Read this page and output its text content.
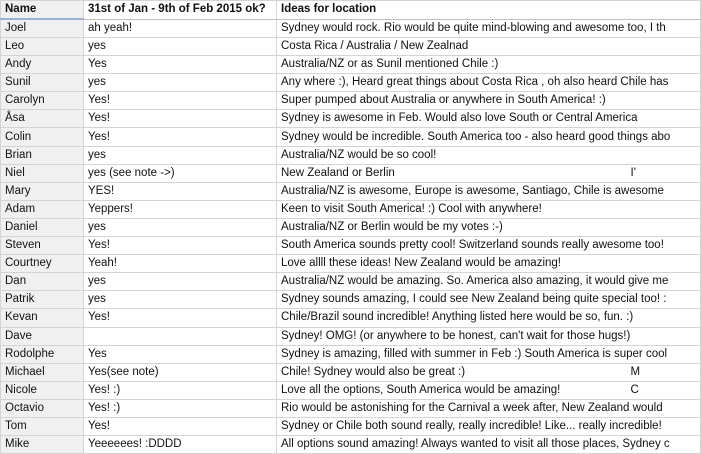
Name	31st of Jan - 9th of Feb 2015 ok?	Ideas for location
Joel	ah yeah!	Sydney would rock. Rio would be quite mind-blowing and awesome too, I th
Leo	yes	Costa Rica / Australia / New Zealnad
Andy	Yes	Australia/NZ or as Sunil mentioned Chile :)
Sunil	yes	Any where :), Heard great things about Costa Rica , oh also heard Chile has
Carolyn	Yes!	Super pumped about Australia or anywhere in South America! :)
Åsa	Yes!	Sydney is awesome in Feb. Would also love South or Central America
Colin	Yes!	Sydney would be incredible. South America too - also heard good things abo
Brian	yes	Australia/NZ would be so cool!
Niel	yes (see note ->)	New Zealand or Berlin I'

Mary	YES!	Australia/NZ is awesome, Europe is awesome, Santiago, Chile is awesome
Adam	Yeppers!	Keen to visit South America! :) Cool with anywhere!
Daniel	yes	Australia/NZ or Berlin would be my votes :-)
Steven	Yes!	South America sounds pretty cool! Switzerland sounds really awesome too!
Courtney	Yeah!	Love allll these ideas! New Zealand would be amazing!
Dan	yes	Australia/NZ would be amazing. So. America also amazing, it would give me
Patrik	yes	Sydney sounds amazing, I could see New Zealand being quite special too! :
Kevan	Yes!	Chile/Brazil sound incredible! Anything listed here would be so, fun. :)
Dave		Sydney! OMG! (or anywhere to be honest, can't wait for those hugs!)
Rodolphe	Yes	Sydney is amazing, filled with summer in Feb :) South America is super cool
Michael	Yes(see note)	Chile! Sydney would also be great :) M

Nicole	Yes! :)	Love all the options, South America would be amazing! C

Octavio	Yes! :)	Rio would be astonishing for the Carnival a week after, New Zealand would
Tom	Yes!	Sydney or Chile both sound really, really incredible! Like... really incredible!
Mike	Yeeeeees! :DDDD	All options sound amazing! Always wanted to visit all those places, Sydney c
